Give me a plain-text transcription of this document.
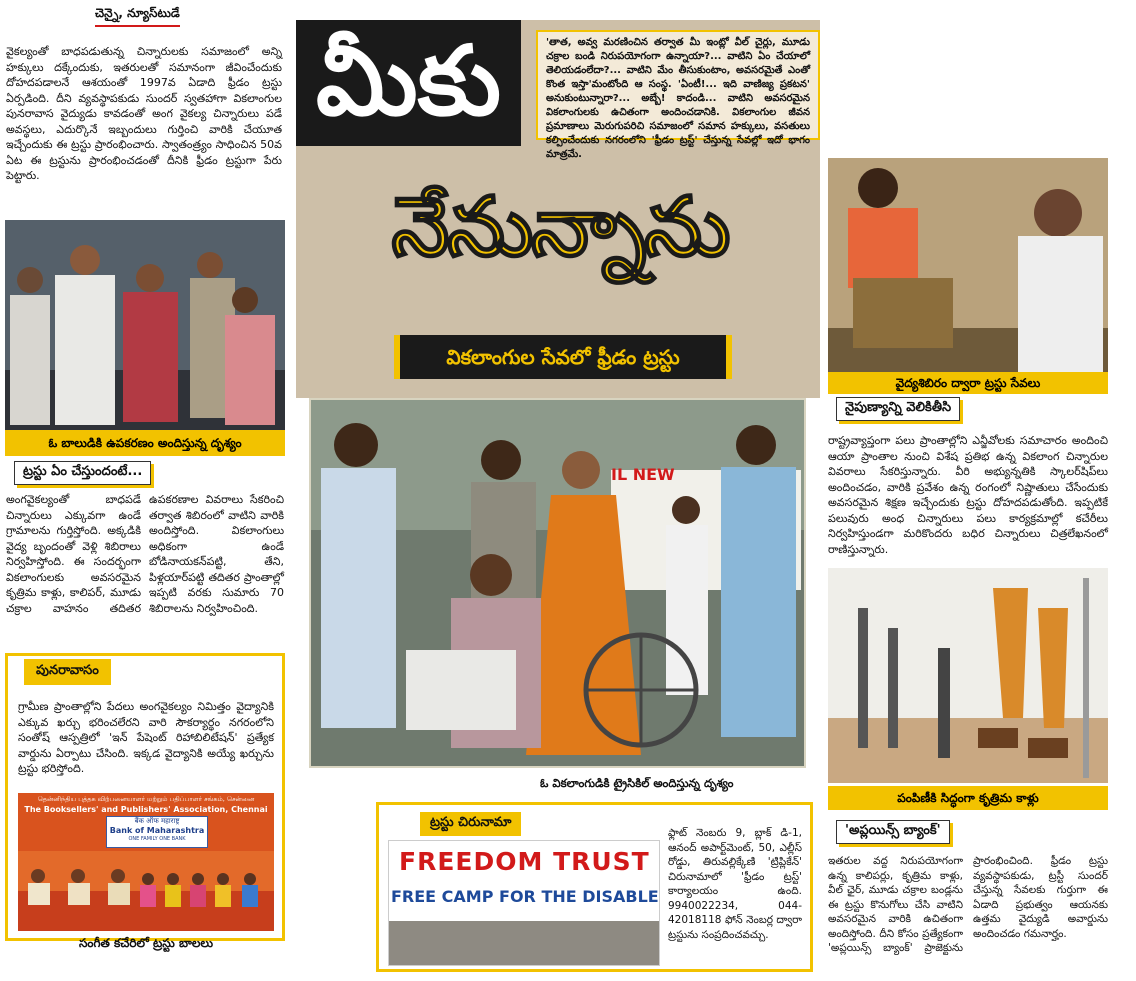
చెన్నై, న్యూస్‌టుడే
వైకల్యంతో బాధపడుతున్న చిన్నారులకు సమాజంలో అన్ని హక్కులు దక్కేందుకు, ఇతరులతో సమానంగా జీవించేందుకు దోహదపడాలనే ఆశయంతో 1997వ ఏడాది ఫ్రీడం ట్రస్టు ఏర్పడింది. దీని వ్యవస్థాపకుడు సుందర్ స్వతహాగా వికలాంగుల పునరావాస వైద్యుడు కావడంతో అంగ వైకల్య చిన్నారులు పడే అవస్థలు, ఎదుర్కొనే ఇబ్బందులు గుర్తించి వారికి చేయూత ఇచ్చేందుకు ఈ ట్రస్టు ప్రారంభించారు. స్వాతంత్ర్యం సాధించిన 50వ ఏట ఈ ట్రస్టును ప్రారంభించడంతో దీనికి ఫ్రీడం ట్రస్టుగా పేరు పెట్టారు.
ఓ బాలుడికి ఉపకరణం అందిస్తున్న దృశ్యం
ట్రస్టు ఏం చేస్తుందంటే...
అంగవైకల్యంతో బాధపడే చిన్నారులు ఎక్కువగా ఉండే గ్రామాలను గుర్తిస్తోంది. అక్కడికి వైద్య బృందంతో వెళ్లి శిబిరాలు నిర్వహిస్తోంది. ఈ సందర్భంగా వికలాంగులకు అవసరమైన కృత్రిమ కాళ్లు, కాలిపర్, మూడు చక్రాల వాహనం తదితర ఉపకరణాల వివరాలు సేకరించి తర్వాత శిబిరంలో వాటిని వారికి అందిస్తోంది. వికలాంగులు అధికంగా ఉండే బోడినాయకన్‌పట్టి, తేని, పిళ్లయార్‌పట్టి తదితర ప్రాంతాల్లో ఇప్పటి వరకు సుమారు 70 శిబిరాలను నిర్వహించింది.
పునరావాసం
గ్రామీణ ప్రాంతాల్లోని పేదలు అంగవైకల్యం నిమిత్తం వైద్యానికి ఎక్కువ ఖర్చు భరించలేరని వారి సౌకర్యార్థం నగరంలోని సంతోష్ ఆస్పత్రిలో 'ఇన్ పేషెంట్ రిహాబిలిటేషన్' ప్రత్యేక వార్డును ఏర్పాటు చేసింది. ఇక్కడ వైద్యానికి అయ్యే ఖర్చును ట్రస్టు భరిస్తోంది.
தென்னிந்திய புத்தக விற்பனையாளர் மற்றும் பதிப்பாளர் சங்கம், சென்னை
The Booksellers' and Publishers' Association, Chennai
बैंक ऑफ महाराष्ट्र
Bank of Maharashtra
ONE FAMILY ONE BANK
సంగీత కచేరిలో ట్రస్టు బాలలు
మీకు	'తాత, అవ్వ మరణించిన తర్వాత మీ ఇంట్లో వీల్ చైర్లు, మూడు చక్రాల బండి నిరుపయోగంగా ఉన్నాయా?... వాటిని ఏం చేయాలో తెలియడంలేదా?... వాటిని మేం తీసుకుంటాం, అవసరమైతే ఎంతో కొంత ఇస్తా'మంటోంది ఆ సంస్థ. 'ఏంటీ!... ఇది వాణిజ్య ప్రకటన' అనుకుంటున్నారా?... అబ్బే! కాదండి... వాటిని అవసరమైన వికలాంగులకు ఉచితంగా అందించడానికి. వికలాంగుల జీవన ప్రమాణాలు మెరుగుపరిచి సమాజంలో సమాన హక్కులు, వసతులు కల్పించేందుకు నగరంలోని 'ఫ్రీడం ట్రస్ట్' చేస్తున్న సేవల్లో ఇదో భాగం మాత్రమే.
నేనున్నాను
వికలాంగుల సేవలో ఫ్రీడం ట్రస్టు
IL NEW
ఓ వికలాంగుడికి ట్రైసికిల్ అందిస్తున్న దృశ్యం
ట్రస్టు చిరునామా
FREEDOM TRUST
FREE CAMP FOR THE DISABLE
ఫ్లాట్ నెంబరు 9, బ్లాక్ డి-1, ఆనంద్ అపార్ట్‌మెంట్, 50, ఎల్లీస్ రోడ్డు, తిరువల్లిక్కేణి 'ట్రిప్లికేన్' చిరునామాలో 'ఫ్రీడం ట్రస్ట్' కార్యాలయం ఉంది. 9940022234, 044-42018118 ఫోన్ నెంబర్ల ద్వారా ట్రస్టును సంప్రదించవచ్చు.
వైద్యశిబిరం ద్వారా ట్రస్టు సేవలు
నైపుణ్యాన్ని వెలికితీసి
రాష్ట్రవ్యాప్తంగా పలు ప్రాంతాల్లోని ఎన్జీవోలకు సమాచారం అందించి ఆయా ప్రాంతాల నుంచి విశేష ప్రతిభ ఉన్న వికలాంగ చిన్నారుల వివరాలు సేకరిస్తున్నారు. వీరి అభ్యున్నతికి స్కాలర్‌షిప్‌లు అందించడం, వారికి ప్రవేశం ఉన్న రంగంలో నిష్ణాతులు చేసేందుకు అవసరమైన శిక్షణ ఇచ్చేందుకు ట్రస్టు దోహదపడుతోంది. ఇప్పటికే పలువురు అంధ చిన్నారులు పలు కార్యక్రమాల్లో కచేరీలు నిర్వహిస్తుండగా మరికొందరు బధిర చిన్నారులు చిత్రలేఖనంలో రాణిస్తున్నారు.
పంపిణీకి సిద్ధంగా కృత్రిమ కాళ్లు
'అప్లయిన్స్ బ్యాంక్'
ఇతరుల వద్ద నిరుపయోగంగా ఉన్న కాలిపర్లు, కృత్రిమ కాళ్లు, వీల్ ఛైర్, మూడు చక్రాల బండ్లను ఈ ట్రస్టు కొనుగోలు చేసి వాటిని అవసరమైన వారికి ఉచితంగా అందిస్తోంది. దీని కోసం ప్రత్యేకంగా 'అప్లయిన్స్ బ్యాంక్' ప్రాజెక్టును ప్రారంభించింది. ఫ్రీడం ట్రస్టు వ్యవస్థాపకుడు, ట్రస్టీ సుందర్ చేస్తున్న సేవలకు గుర్తుగా ఈ ఏడాది ప్రభుత్వం ఆయనకు ఉత్తమ వైద్యుడి అవార్డును అందించడం గమనార్హం.
